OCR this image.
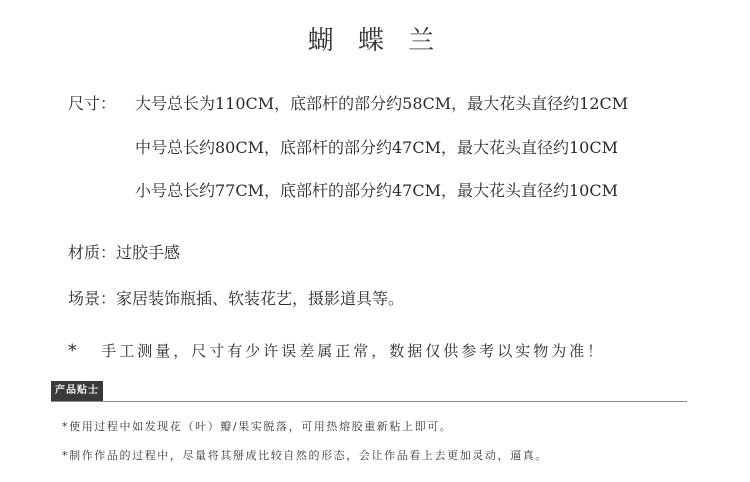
蝴 蝶 兰
尺寸： 大号总长为110CM，底部杆的部分约58CM，最大花头直径约12CM
中号总长约80CM，底部杆的部分约47CM，最大花头直径约10CM
小号总长约77CM，底部杆的部分约47CM，最大花头直径约10CM
材质：过胶手感
场景：家居装饰瓶插、软装花艺，摄影道具等。
* 手工测量，尺寸有少许误差属正常，数据仅供参考以实物为准！
产品贴士
*使用过程中如发现花（叶）瓣/果实脱落，可用热熔胶重新粘上即可。
*制作作品的过程中，尽量将其掰成比较自然的形态，会让作品看上去更加灵动，逼真。
